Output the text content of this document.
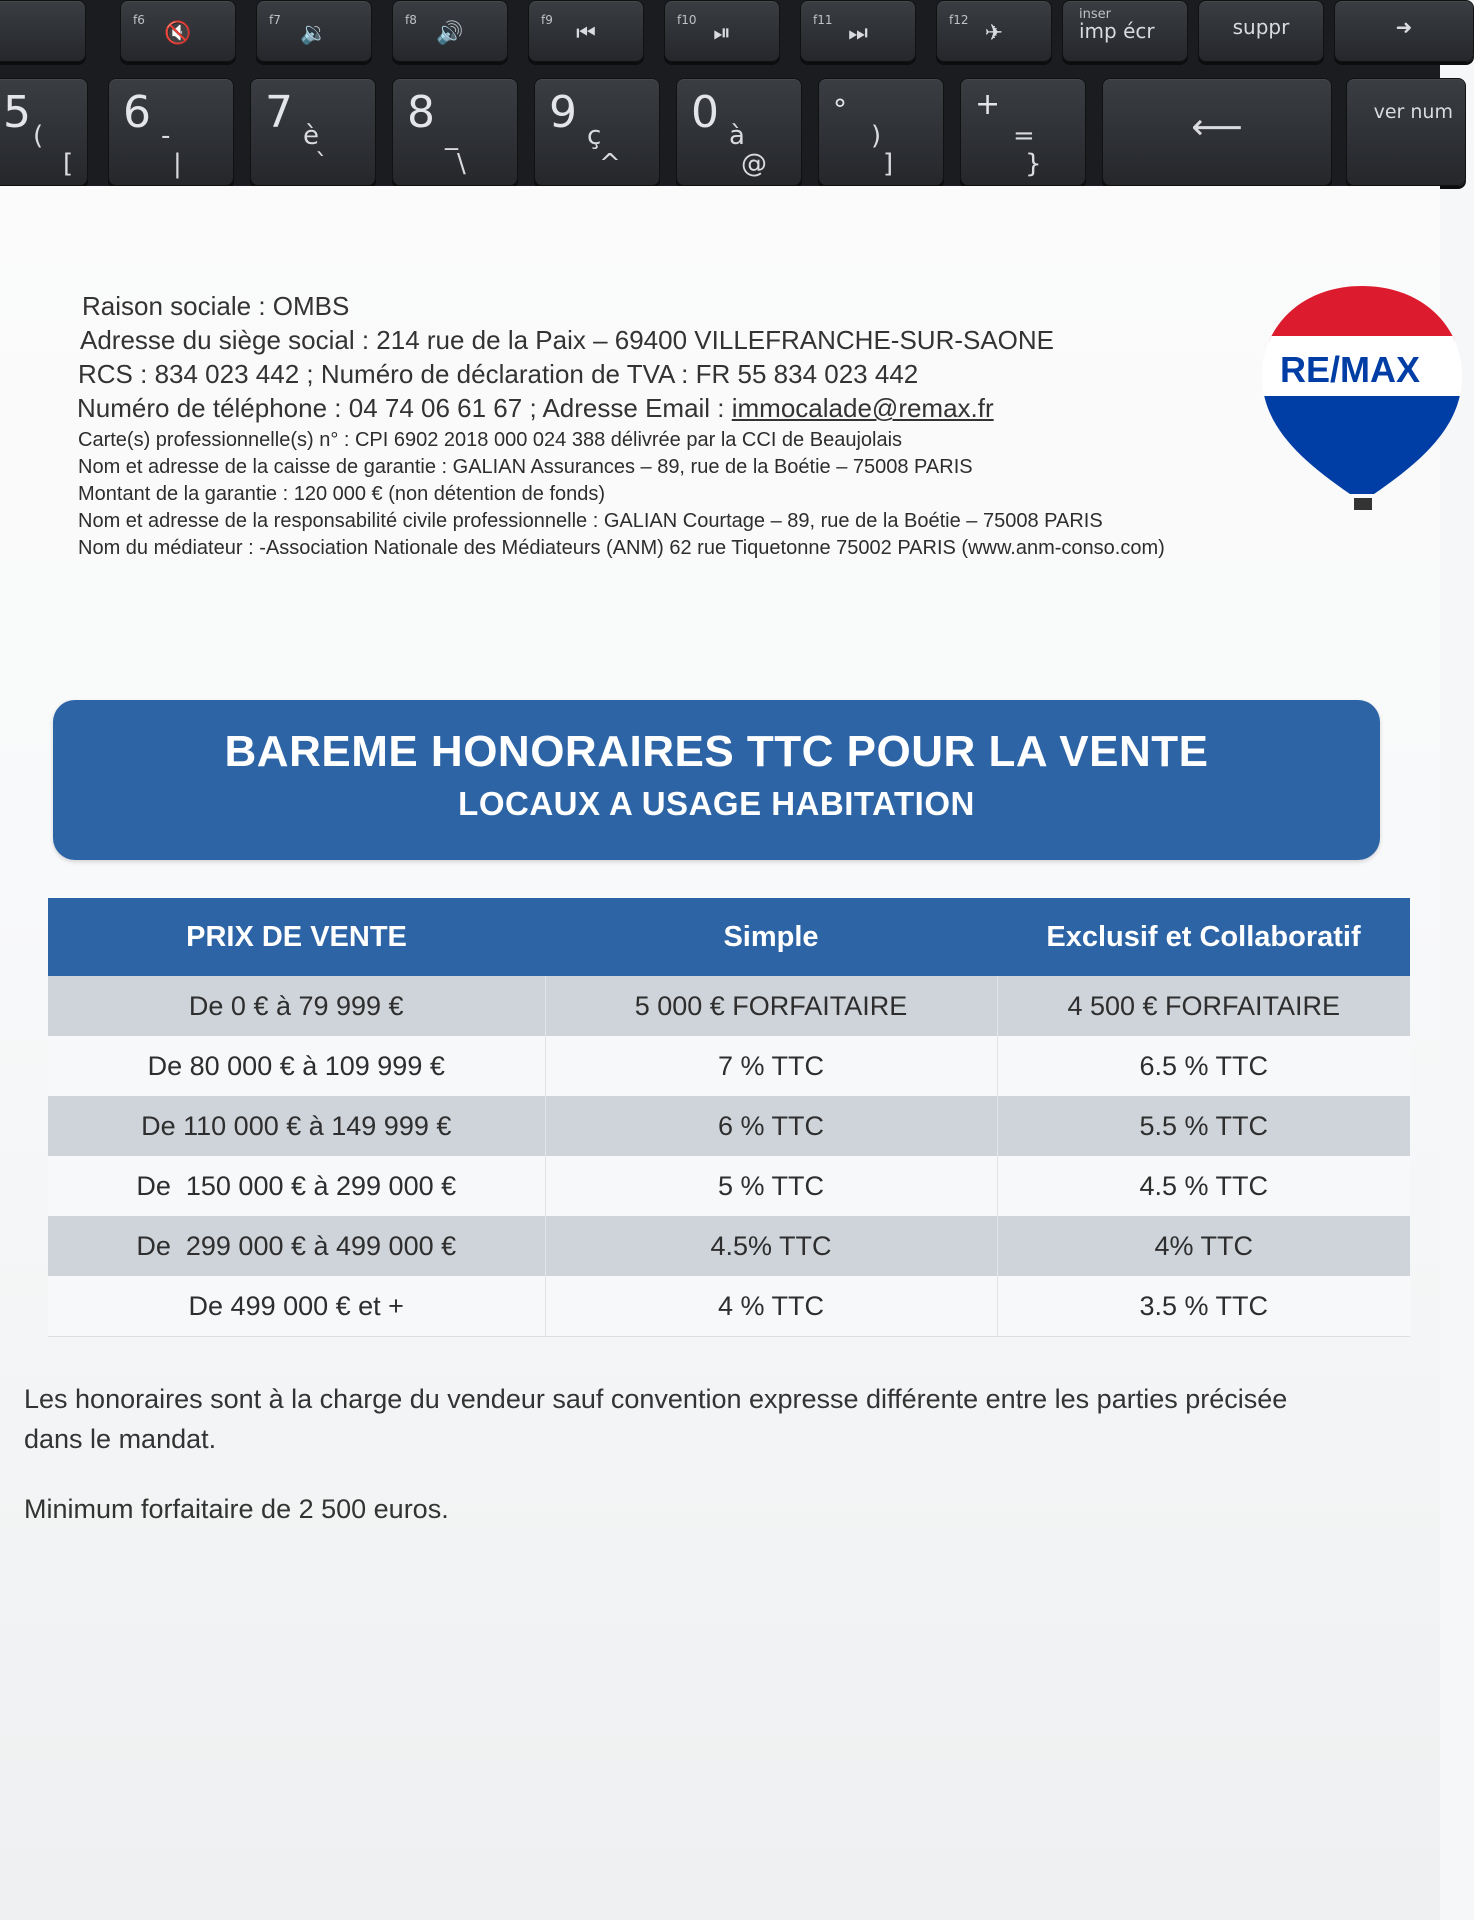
f6
🔇
f7
🔉
f8
🔊
f9
⏮
f10
⏯
f11
⏭
f12
✈
inser
imp écr	suppr	➜
5 (
[
6 -
|
7 è
`
8 _
\
9 ç
^
0 à
@
°
)
]
+
=
}
⟵	ver num
Raison sociale : OMBS
Adresse du siège social : 214 rue de la Paix – 69400 VILLEFRANCHE-SUR-SAONE
RCS : 834 023 442 ; Numéro de déclaration de TVA : FR 55 834 023 442
Numéro de téléphone : 04 74 06 61 67 ; Adresse Email : immocalade@remax.fr
Carte(s) professionnelle(s) n° : CPI 6902 2018 000 024 388 délivrée par la CCI de Beaujolais
Nom et adresse de la caisse de garantie : GALIAN Assurances – 89, rue de la Boétie – 75008 PARIS
Montant de la garantie : 120 000 € (non détention de fonds)
Nom et adresse de la responsabilité civile professionnelle : GALIAN Courtage – 89, rue de la Boétie – 75008 PARIS
Nom du médiateur : -Association Nationale des Médiateurs (ANM) 62 rue Tiquetonne 75002 PARIS (www.anm-conso.com)
RE/MAX
BAREME HONORAIRES TTC POUR LA VENTE
LOCAUX A USAGE HABITATION
PRIX DE VENTE	Simple	Exclusif et Collaboratif
De 0 € à 79 999 €	5 000 € FORFAITAIRE	4 500 € FORFAITAIRE
De 80 000 € à 109 999 €	7 % TTC	6.5 % TTC
De 110 000 € à 149 999 €	6 % TTC	5.5 % TTC
De  150 000 € à 299 000 €	5 % TTC	4.5 % TTC
De  299 000 € à 499 000 €	4.5% TTC	4% TTC
De 499 000 € et +	4 % TTC	3.5 % TTC
Les honoraires sont à la charge du vendeur sauf convention expresse différente entre les parties précisée dans le mandat.
Minimum forfaitaire de 2 500 euros.
